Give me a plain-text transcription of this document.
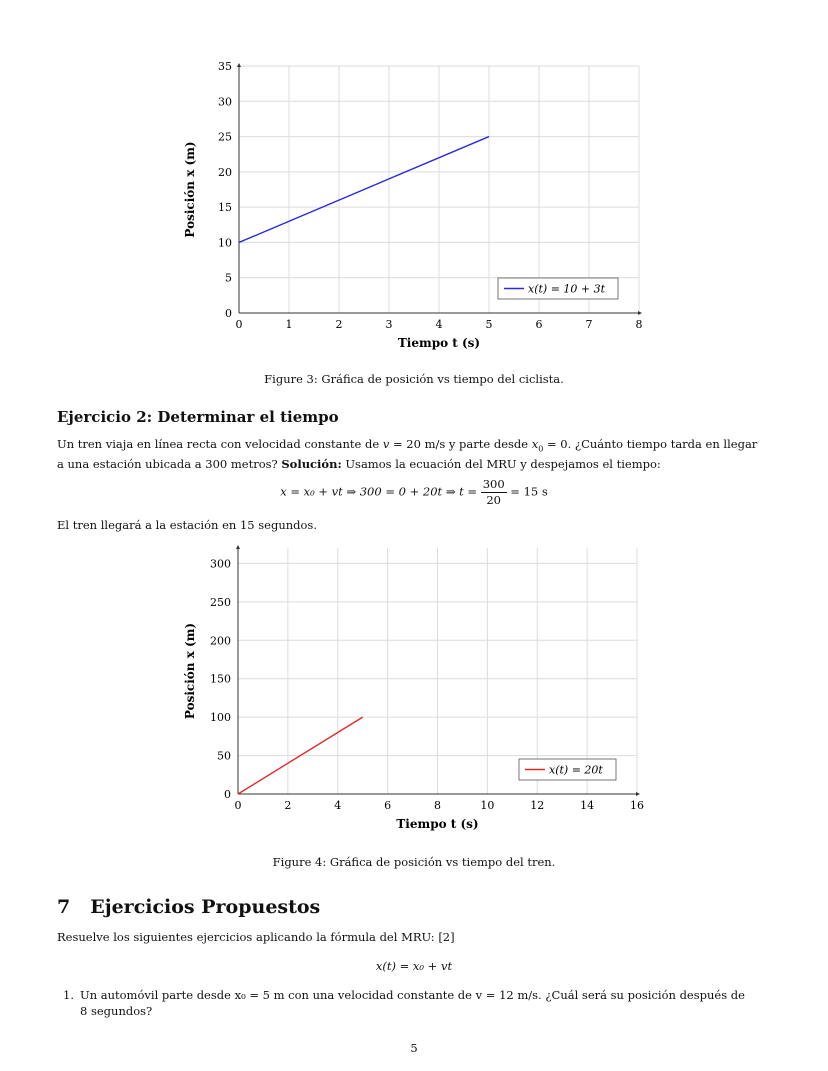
0	1	2	3	4	5	6	7	8
0
5
10
15
20
25
30
35
Tiempo t (s)
Posición x (m)
x(t) = 10 + 3t
Figure 3: Gráfica de posición vs tiempo del ciclista.
Ejercicio 2: Determinar el tiempo
Un tren viaja en línea recta con velocidad constante de v = 20 m/s y parte desde $x_0 = 0$. ¿Cuánto tiempo tarda en llegar
a una estación ubicada a 300 metros? Solución: Usamos la ecuación del MRU y despejamos el tiempo:
x = x₀ + vt ⇒ 300 = 0 + 20t ⇒ $t = \frac{300}{20} = 15$ s
El tren llegará a la estación en 15 segundos.
0	2	4	6	8	10	12	14	16
0
50
100
150
200
250
300
Tiempo t (s)
Posición x (m)
x(t) = 20t
Figure 4: Gráfica de posición vs tiempo del tren.
7 Ejercicios Propuestos
Resuelve los siguientes ejercicios aplicando la fórmula del MRU: [2]
x(t) = x₀ + vt
1. Un automóvil parte desde x₀ = 5 m con una velocidad constante de v = 12 m/s. ¿Cuál será su posición después de
8 segundos?
5
